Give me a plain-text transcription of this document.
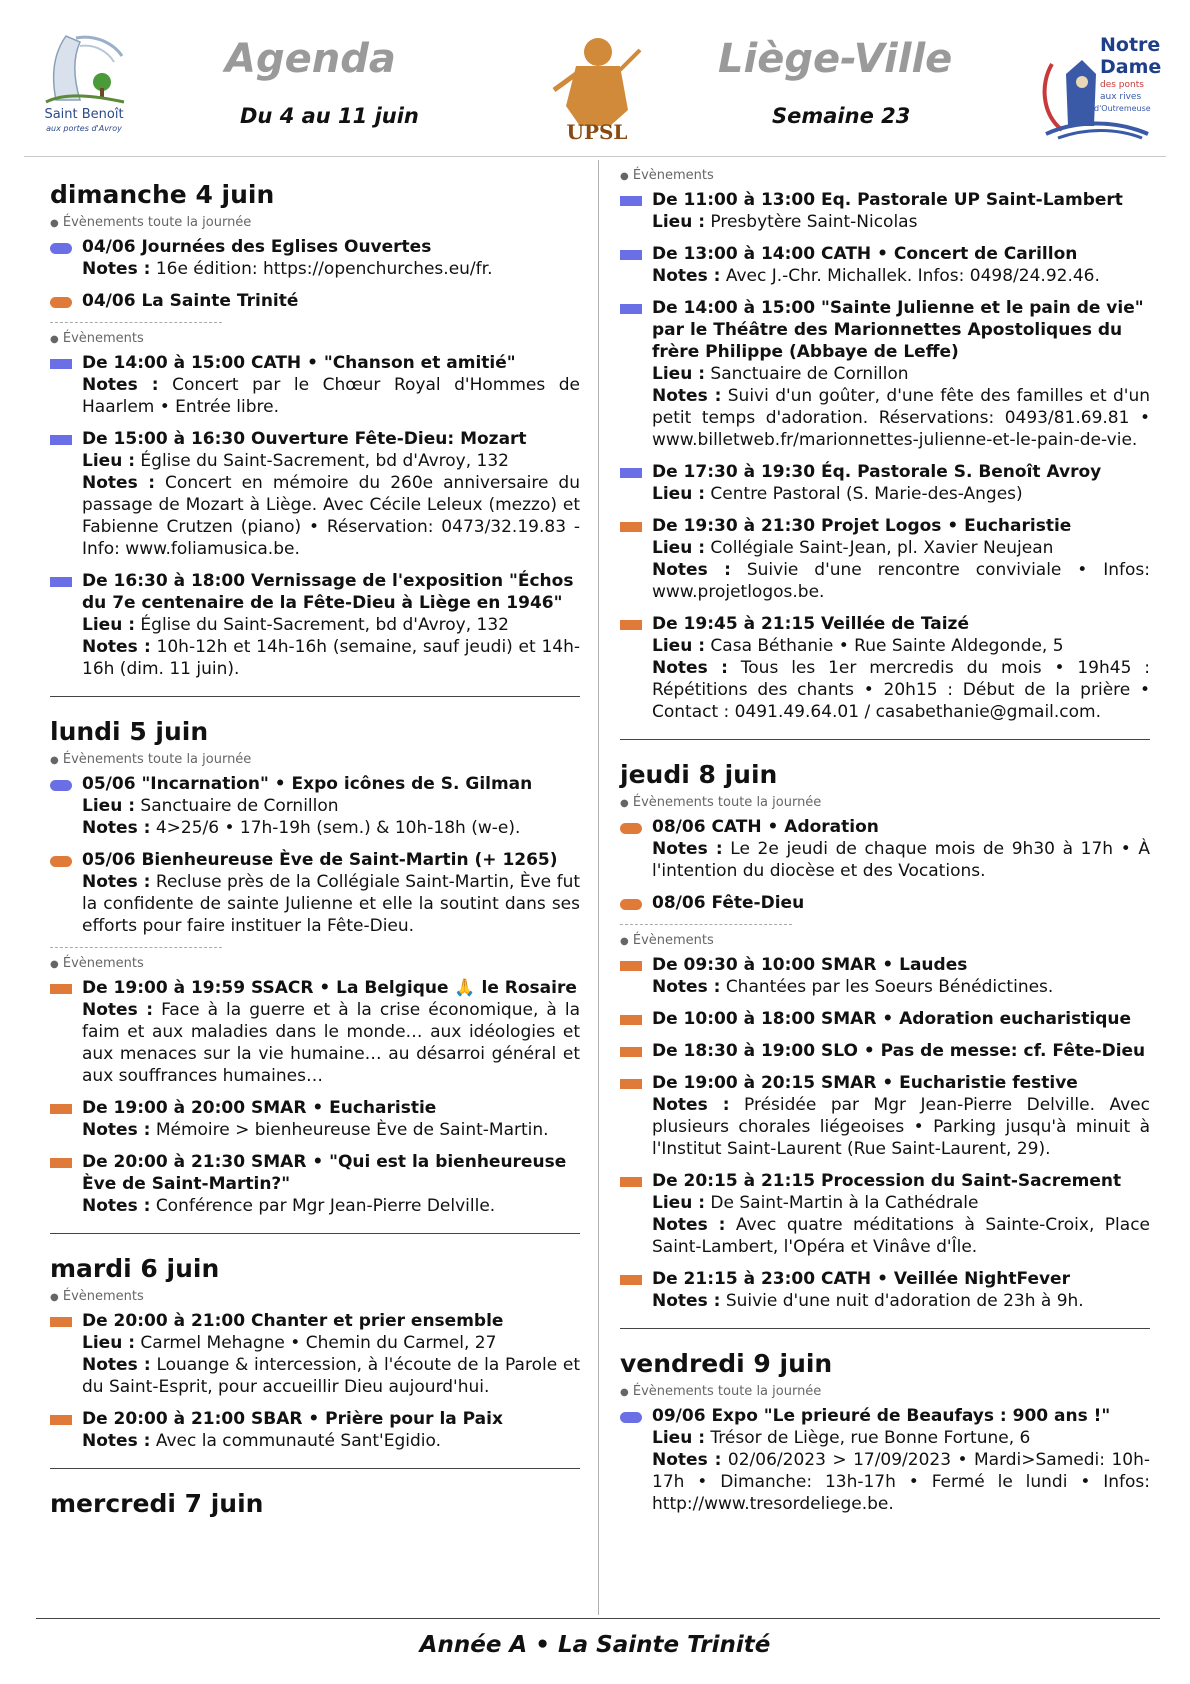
Saint Benoît
aux portes d'Avroy
Agenda
Du 4 au 11 juin
UPSL
Liège-Ville
Semaine 23
Notre
Dame
des ponts
aux rives
d'Outremeuse
dimanche 4 juin
● Évènements toute la journée
04/06 Journées des Eglises Ouvertes
Notes : 16e édition: https://openchurches.eu/fr.
04/06 La Sainte Trinité
● Évènements
De 14:00 à 15:00 CATH • "Chanson et amitié"
Notes : Concert par le Chœur Royal d'Hommes de Haarlem • Entrée libre.
De 15:00 à 16:30 Ouverture Fête-Dieu: Mozart
Lieu : Église du Saint-Sacrement, bd d'Avroy, 132
Notes : Concert en mémoire du 260e anniversaire du passage de Mozart à Liège. Avec Cécile Leleux (mezzo) et Fabienne Crutzen (piano) • Réservation: 0473/32.19.83 - Info: www.foliamusica.be.
De 16:30 à 18:00 Vernissage de l'exposition "Échos du 7e centenaire de la Fête-Dieu à Liège en 1946"
Lieu : Église du Saint-Sacrement, bd d'Avroy, 132
Notes : 10h-12h et 14h-16h (semaine, sauf jeudi) et 14h-16h (dim. 11 juin).
lundi 5 juin
● Évènements toute la journée
05/06 "Incarnation" • Expo icônes de S. Gilman
Lieu : Sanctuaire de Cornillon
Notes : 4>25/6 • 17h-19h (sem.) & 10h-18h (w-e).
05/06 Bienheureuse Ève de Saint-Martin (+ 1265)
Notes : Recluse près de la Collégiale Saint-Martin, Ève fut la confidente de sainte Julienne et elle la soutint dans ses efforts pour faire instituer la Fête-Dieu.
● Évènements
De 19:00 à 19:59 SSACR • La Belgique 🙏 le Rosaire
Notes : Face à la guerre et à la crise économique, à la faim et aux maladies dans le monde… aux idéologies et aux menaces sur la vie humaine… au désarroi général et aux souffrances humaines…
De 19:00 à 20:00 SMAR • Eucharistie
Notes : Mémoire > bienheureuse Ève de Saint-Martin.
De 20:00 à 21:30 SMAR • "Qui est la bienheureuse Ève de Saint-Martin?"
Notes : Conférence par Mgr Jean-Pierre Delville.
mardi 6 juin
● Évènements
De 20:00 à 21:00 Chanter et prier ensemble
Lieu : Carmel Mehagne • Chemin du Carmel, 27
Notes : Louange & intercession, à l'écoute de la Parole et du Saint-Esprit, pour accueillir Dieu aujourd'hui.
De 20:00 à 21:00 SBAR • Prière pour la Paix
Notes : Avec la communauté Sant'Egidio.
mercredi 7 juin
● Évènements
De 11:00 à 13:00 Eq. Pastorale UP Saint-Lambert
Lieu : Presbytère Saint-Nicolas
De 13:00 à 14:00 CATH • Concert de Carillon
Notes : Avec J.-Chr. Michallek. Infos: 0498/24.92.46.
De 14:00 à 15:00 "Sainte Julienne et le pain de vie" par le Théâtre des Marionnettes Apostoliques du frère Philippe (Abbaye de Leffe)
Lieu : Sanctuaire de Cornillon
Notes : Suivi d'un goûter, d'une fête des familles et d'un petit temps d'adoration. Réservations: 0493/81.69.81 • www.billetweb.fr/marionnettes-julienne-et-le-pain-de-vie.
De 17:30 à 19:30 Éq. Pastorale S. Benoît Avroy
Lieu : Centre Pastoral (S. Marie-des-Anges)
De 19:30 à 21:30 Projet Logos • Eucharistie
Lieu : Collégiale Saint-Jean, pl. Xavier Neujean
Notes : Suivie d'une rencontre conviviale • Infos: www.projetlogos.be.
De 19:45 à 21:15 Veillée de Taizé
Lieu : Casa Béthanie • Rue Sainte Aldegonde, 5
Notes : Tous les 1er mercredis du mois • 19h45 : Répétitions des chants • 20h15 : Début de la prière • Contact : 0491.49.64.01 / casabethanie@gmail.com.
jeudi 8 juin
● Évènements toute la journée
08/06 CATH • Adoration
Notes : Le 2e jeudi de chaque mois de 9h30 à 17h • À l'intention du diocèse et des Vocations.
08/06 Fête-Dieu
● Évènements
De 09:30 à 10:00 SMAR • Laudes
Notes : Chantées par les Soeurs Bénédictines.
De 10:00 à 18:00 SMAR • Adoration eucharistique
De 18:30 à 19:00 SLO • Pas de messe: cf. Fête-Dieu
De 19:00 à 20:15 SMAR • Eucharistie festive
Notes : Présidée par Mgr Jean-Pierre Delville. Avec plusieurs chorales liégeoises • Parking jusqu'à minuit à l'Institut Saint-Laurent (Rue Saint-Laurent, 29).
De 20:15 à 21:15 Procession du Saint-Sacrement
Lieu : De Saint-Martin à la Cathédrale
Notes : Avec quatre méditations à Sainte-Croix, Place Saint-Lambert, l'Opéra et Vinâve d'Île.
De 21:15 à 23:00 CATH • Veillée NightFever
Notes : Suivie d'une nuit d'adoration de 23h à 9h.
vendredi 9 juin
● Évènements toute la journée
09/06 Expo "Le prieuré de Beaufays : 900 ans !"
Lieu : Trésor de Liège, rue Bonne Fortune, 6
Notes : 02/06/2023 > 17/09/2023 • Mardi>Samedi: 10h-17h • Dimanche: 13h-17h • Fermé le lundi • Infos: http://www.tresordeliege.be.
Année A • La Sainte Trinité
